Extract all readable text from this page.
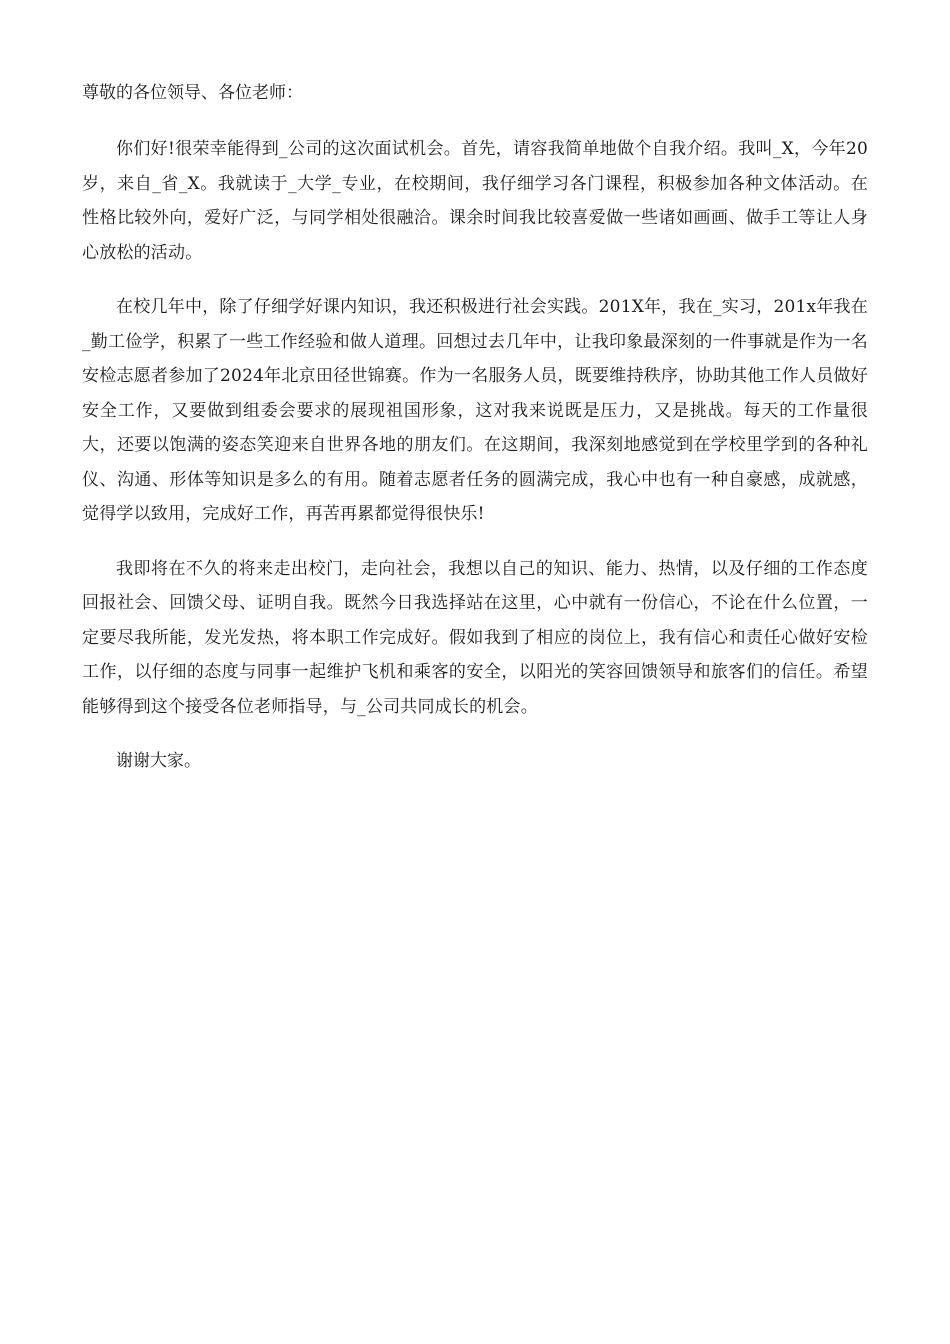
尊敬的各位领导、各位老师：

你们好!很荣幸能得到_公司的这次面试机会。首先，请容我简单地做个自我介绍。我叫_X，今年20岁，来自_省_X。我就读于_大学_专业，在校期间，我仔细学习各门课程，积极参加各种文体活动。在性格比较外向，爱好广泛，与同学相处很融洽。课余时间我比较喜爱做一些诸如画画、做手工等让人身心放松的活动。

在校几年中，除了仔细学好课内知识，我还积极进行社会实践。201X年，我在_实习，201x年我在_勤工俭学，积累了一些工作经验和做人道理。回想过去几年中，让我印象最深刻的一件事就是作为一名安检志愿者参加了2024年北京田径世锦赛。作为一名服务人员，既要维持秩序，协助其他工作人员做好安全工作，又要做到组委会要求的展现祖国形象，这对我来说既是压力，又是挑战。每天的工作量很大，还要以饱满的姿态笑迎来自世界各地的朋友们。在这期间，我深刻地感觉到在学校里学到的各种礼仪、沟通、形体等知识是多么的有用。随着志愿者任务的圆满完成，我心中也有一种自豪感，成就感，觉得学以致用，完成好工作，再苦再累都觉得很快乐!

我即将在不久的将来走出校门，走向社会，我想以自己的知识、能力、热情，以及仔细的工作态度回报社会、回馈父母、证明自我。既然今日我选择站在这里，心中就有一份信心，不论在什么位置，一定要尽我所能，发光发热，将本职工作完成好。假如我到了相应的岗位上，我有信心和责任心做好安检工作，以仔细的态度与同事一起维护飞机和乘客的安全，以阳光的笑容回馈领导和旅客们的信任。希望能够得到这个接受各位老师指导，与_公司共同成长的机会。

谢谢大家。
